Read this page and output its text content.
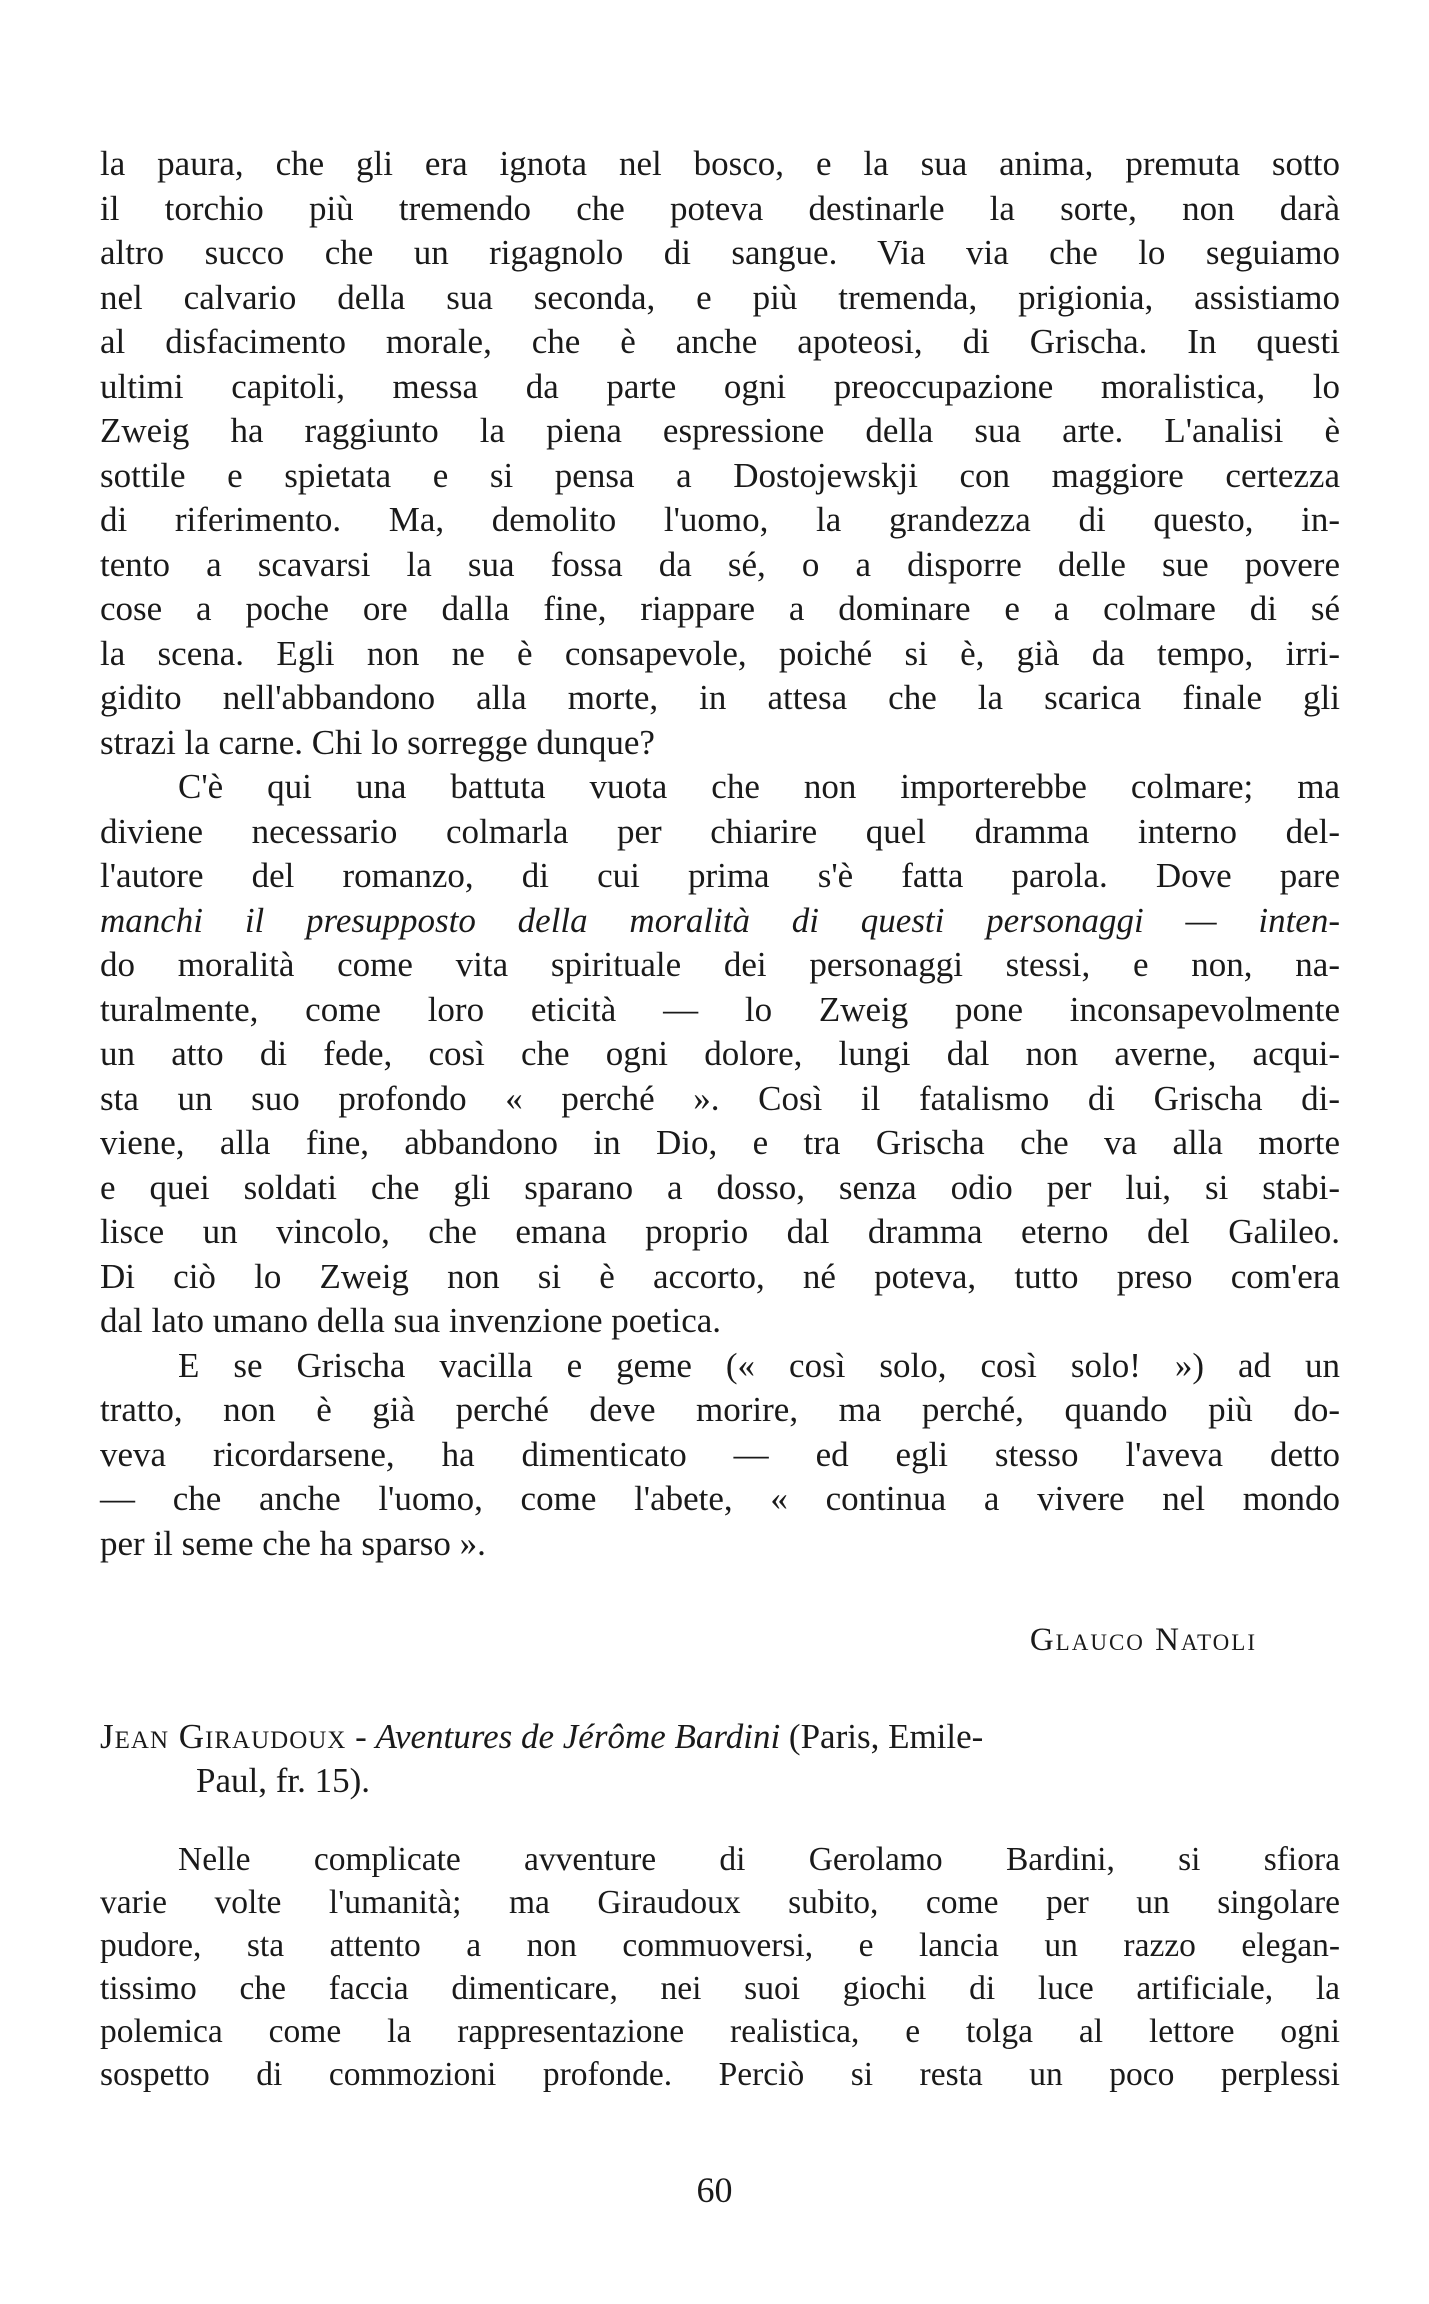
la paura, che gli era ignota nel bosco, e la sua anima, premuta sotto
il torchio più tremendo che poteva destinarle la sorte, non darà
altro succo che un rigagnolo di sangue. Via via che lo seguiamo
nel calvario della sua seconda, e più tremenda, prigionia, assistiamo
al disfacimento morale, che è anche apoteosi, di Grischa. In questi
ultimi capitoli, messa da parte ogni preoccupazione moralistica, lo
Zweig ha raggiunto la piena espressione della sua arte. L'analisi è
sottile e spietata e si pensa a Dostojewskji con maggiore certezza
di riferimento. Ma, demolito l'uomo, la grandezza di questo, in-
tento a scavarsi la sua fossa da sé, o a disporre delle sue povere
cose a poche ore dalla fine, riappare a dominare e a colmare di sé
la scena. Egli non ne è consapevole, poiché si è, già da tempo, irri-
gidito nell'abbandono alla morte, in attesa che la scarica finale gli
strazi la carne. Chi lo sorregge dunque?
C'è qui una battuta vuota che non importerebbe colmare; ma
diviene necessario colmarla per chiarire quel dramma interno del-
l'autore del romanzo, di cui prima s'è fatta parola. Dove pare
manchi il presupposto della moralità di questi personaggi — inten-
do moralità come vita spirituale dei personaggi stessi, e non, na-
turalmente, come loro eticità — lo Zweig pone inconsapevolmente
un atto di fede, così che ogni dolore, lungi dal non averne, acqui-
sta un suo profondo « perché ». Così il fatalismo di Grischa di-
viene, alla fine, abbandono in Dio, e tra Grischa che va alla morte
e quei soldati che gli sparano a dosso, senza odio per lui, si stabi-
lisce un vincolo, che emana proprio dal dramma eterno del Galileo.
Di ciò lo Zweig non si è accorto, né poteva, tutto preso com'era
dal lato umano della sua invenzione poetica.
E se Grischa vacilla e geme (« così solo, così solo! ») ad un
tratto, non è già perché deve morire, ma perché, quando più do-
veva ricordarsene, ha dimenticato — ed egli stesso l'aveva detto
— che anche l'uomo, come l'abete, « continua a vivere nel mondo
per il seme che ha sparso ».
Glauco Natoli
Jean Giraudoux - Aventures de Jérôme Bardini (Paris, Emile-
Paul, fr. 15).
Nelle complicate avventure di Gerolamo Bardini, si sfiora
varie volte l'umanità; ma Giraudoux subito, come per un singolare
pudore, sta attento a non commuoversi, e lancia un razzo elegan-
tissimo che faccia dimenticare, nei suoi giochi di luce artificiale, la
polemica come la rappresentazione realistica, e tolga al lettore ogni
sospetto di commozioni profonde. Perciò si resta un poco perplessi
60
